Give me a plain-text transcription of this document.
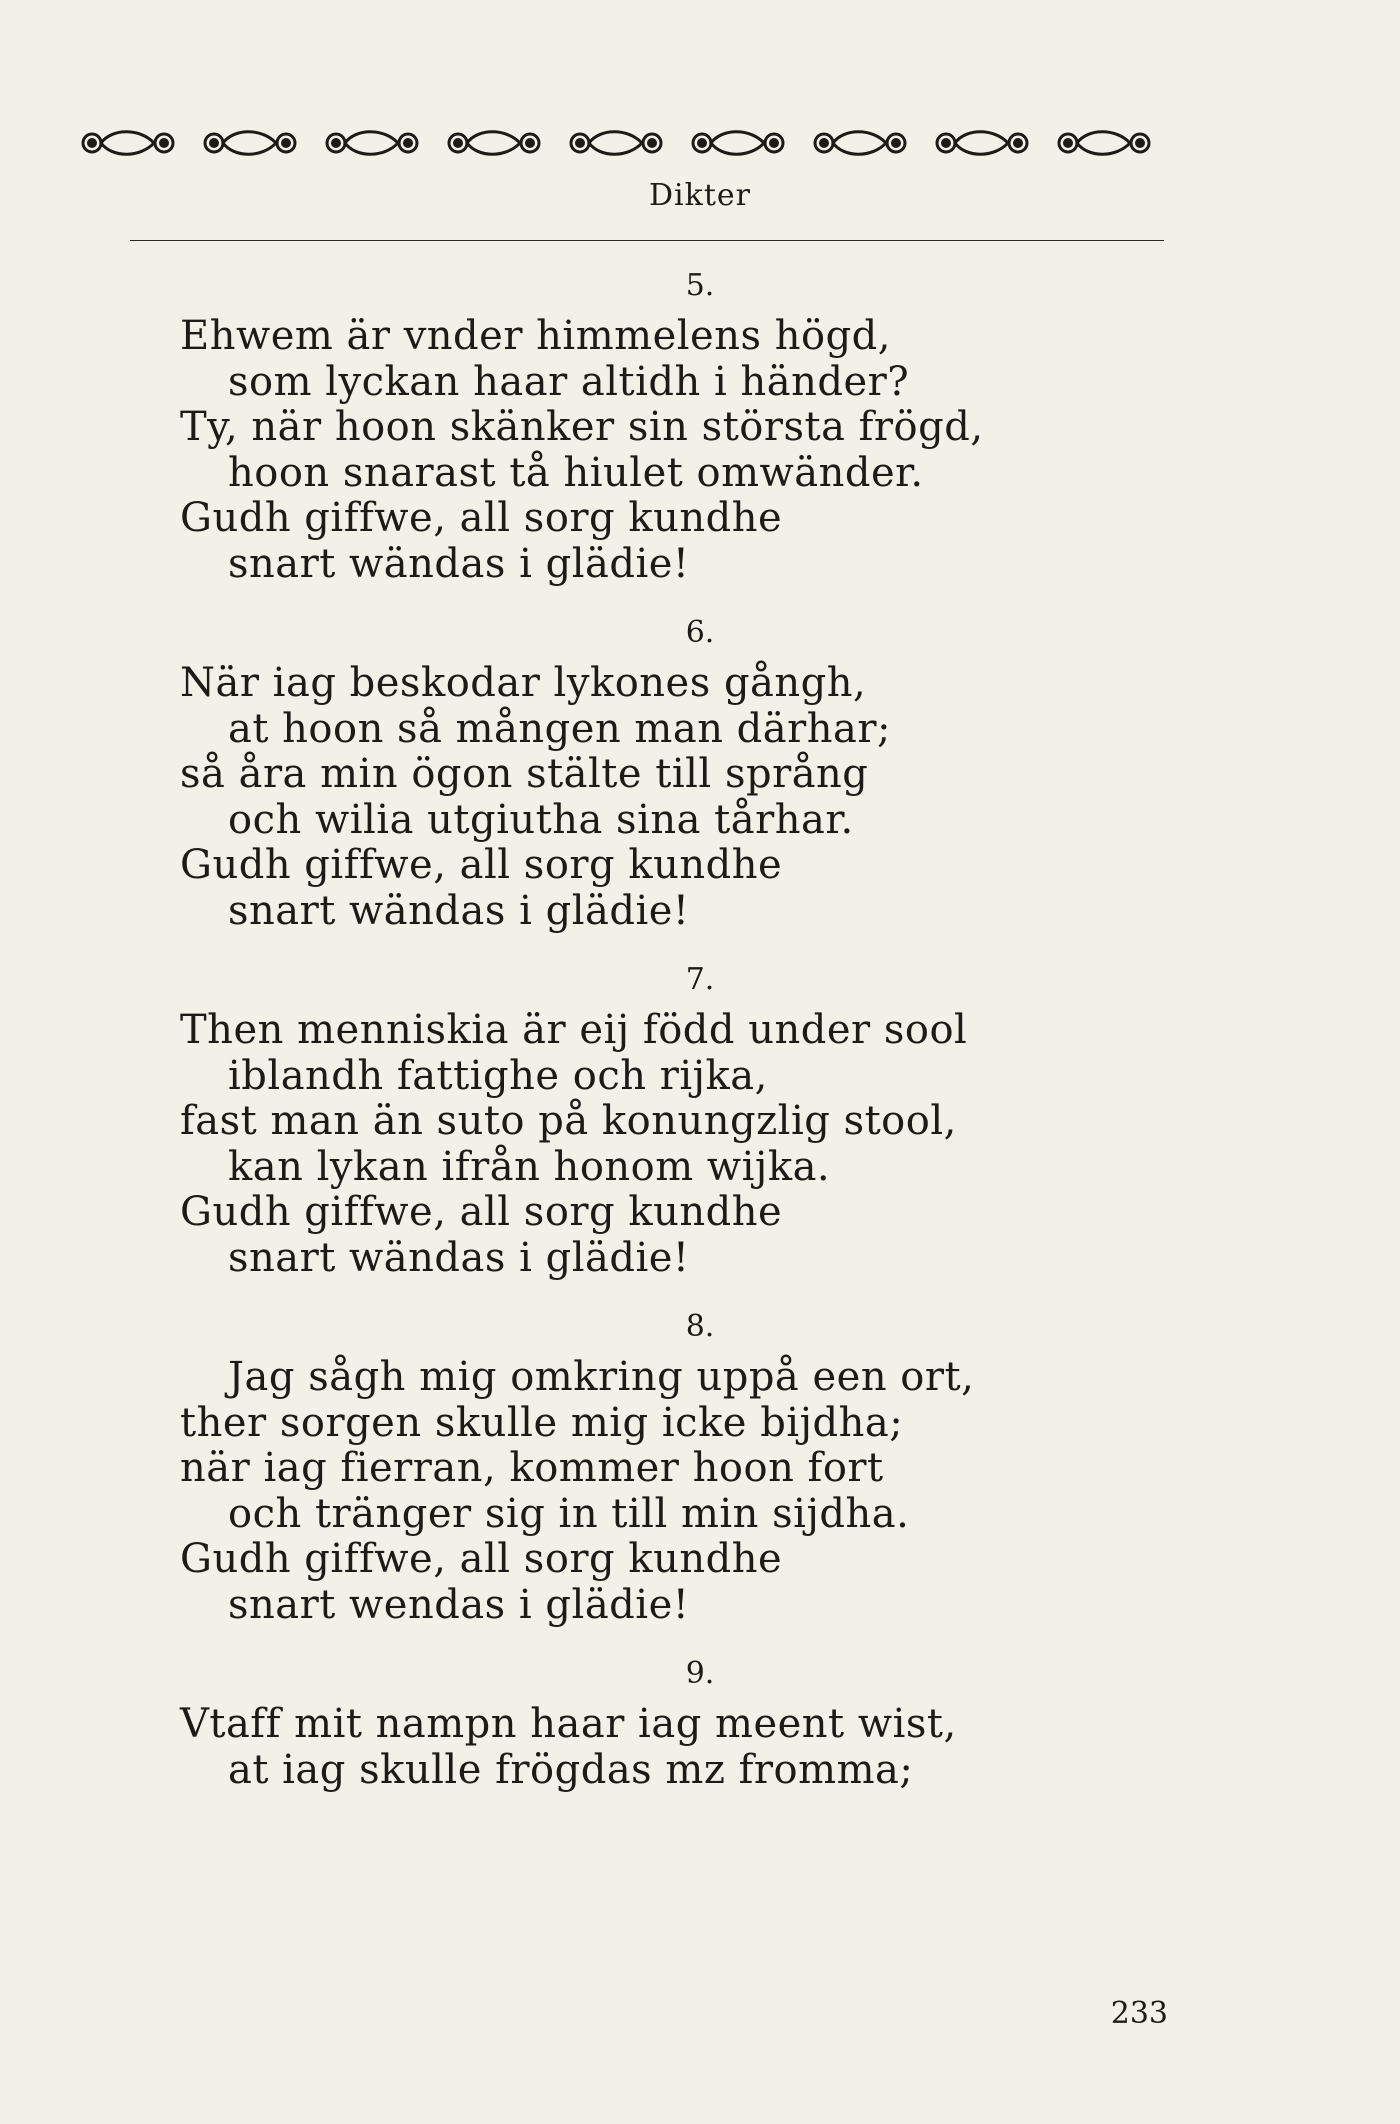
Dikter
5.
Ehwem är vnder himmelens högd,
som lyckan haar altidh i händer?
Ty, när hoon skänker sin största frögd,
hoon snarast tå hiulet omwänder.
Gudh giffwe, all sorg kundhe
snart wändas i glädie!
6.
När iag beskodar lykones gångh,
at hoon så mången man därhar;
så åra min ögon stälte till språng
och wilia utgiutha sina tårhar.
Gudh giffwe, all sorg kundhe
snart wändas i glädie!
7.
Then menniskia är eij född under sool
iblandh fattighe och rijka,
fast man än suto på konungzlig stool,
kan lykan ifrån honom wijka.
Gudh giffwe, all sorg kundhe
snart wändas i glädie!
8.
Jag sågh mig omkring uppå een ort,
ther sorgen skulle mig icke bijdha;
när iag fierran, kommer hoon fort
och tränger sig in till min sijdha.
Gudh giffwe, all sorg kundhe
snart wendas i glädie!
9.
Vtaff mit nampn haar iag meent wist,
at iag skulle frögdas mz fromma;
233
